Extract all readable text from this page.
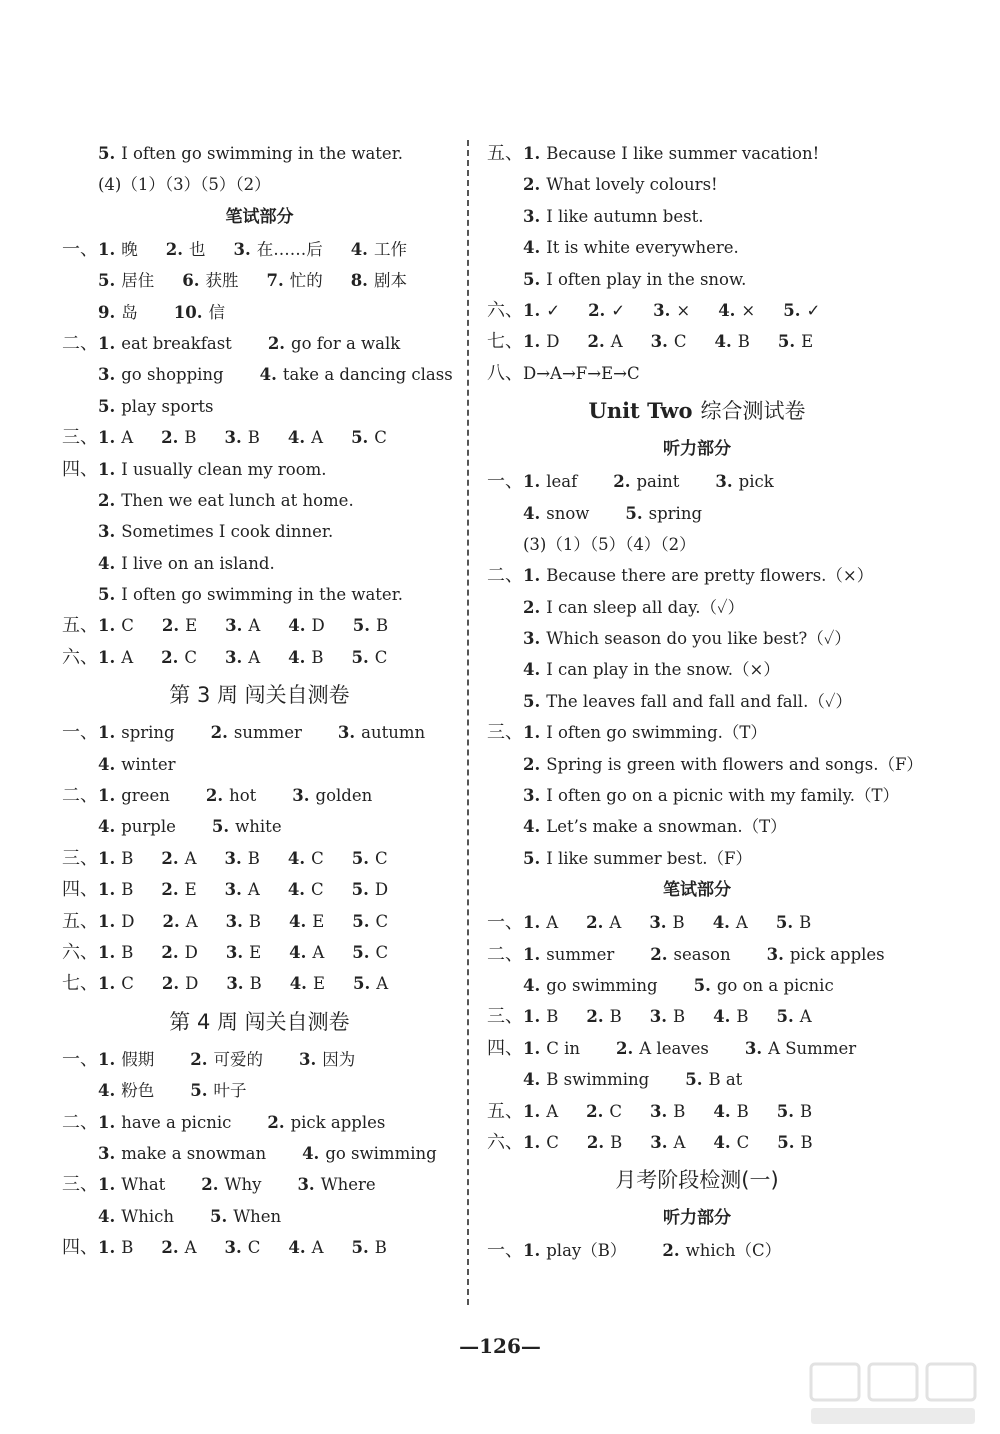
5. I often go swimming in the water.
(4)（1）（3）（5）（2）
笔试部分
一、1. 晚 2. 也 3. 在……后 4. 工作
5. 居住 6. 获胜 7. 忙的 8. 剧本
9. 岛 10. 信
二、1. eat breakfast 2. go for a walk
3. go shopping 4. take a dancing class
5. play sports
三、1. A 2. B 3. B 4. A 5. C
四、1. I usually clean my room.
2. Then we eat lunch at home.
3. Sometimes I cook dinner.
4. I live on an island.
5. I often go swimming in the water.
五、1. C 2. E 3. A 4. D 5. B
六、1. A 2. C 3. A 4. B 5. C
第 3 周 闯关自测卷
一、1. spring 2. summer 3. autumn
4. winter
二、1. green 2. hot 3. golden
4. purple 5. white
三、1. B 2. A 3. B 4. C 5. C
四、1. B 2. E 3. A 4. C 5. D
五、1. D 2. A 3. B 4. E 5. C
六、1. B 2. D 3. E 4. A 5. C
七、1. C 2. D 3. B 4. E 5. A
第 4 周 闯关自测卷
一、1. 假期 2. 可爱的 3. 因为
4. 粉色 5. 叶子
二、1. have a picnic 2. pick apples
3. make a snowman 4. go swimming
三、1. What 2. Why 3. Where
4. Which 5. When
四、1. B 2. A 3. C 4. A 5. B
五、1. Because I like summer vacation!
2. What lovely colours!
3. I like autumn best.
4. It is white everywhere.
5. I often play in the snow.
六、1. ✓ 2. ✓ 3. × 4. × 5. ✓
七、1. D 2. A 3. C 4. B 5. E
八、D→A→F→E→C
Unit Two 综合测试卷
听力部分
一、1. leaf 2. paint 3. pick
4. snow 5. spring
(3)（1）（5）（4）（2）
二、1. Because there are pretty flowers.（×）
2. I can sleep all day.（✓）
3. Which season do you like best?（✓）
4. I can play in the snow.（×）
5. The leaves fall and fall and fall.（✓）
三、1. I often go swimming.（T）
2. Spring is green with flowers and songs.（F）
3. I often go on a picnic with my family.（T）
4. Let’s make a snowman.（T）
5. I like summer best.（F）
笔试部分
一、1. A 2. A 3. B 4. A 5. B
二、1. summer 2. season 3. pick apples
4. go swimming 5. go on a picnic
三、1. B 2. B 3. B 4. B 5. A
四、1. C in 2. A leaves 3. A Summer
4. B swimming 5. B at
五、1. A 2. C 3. B 4. B 5. B
六、1. C 2. B 3. A 4. C 5. B
月考阶段检测(一)
听力部分
一、1. play（B） 2. which（C）
—126—
